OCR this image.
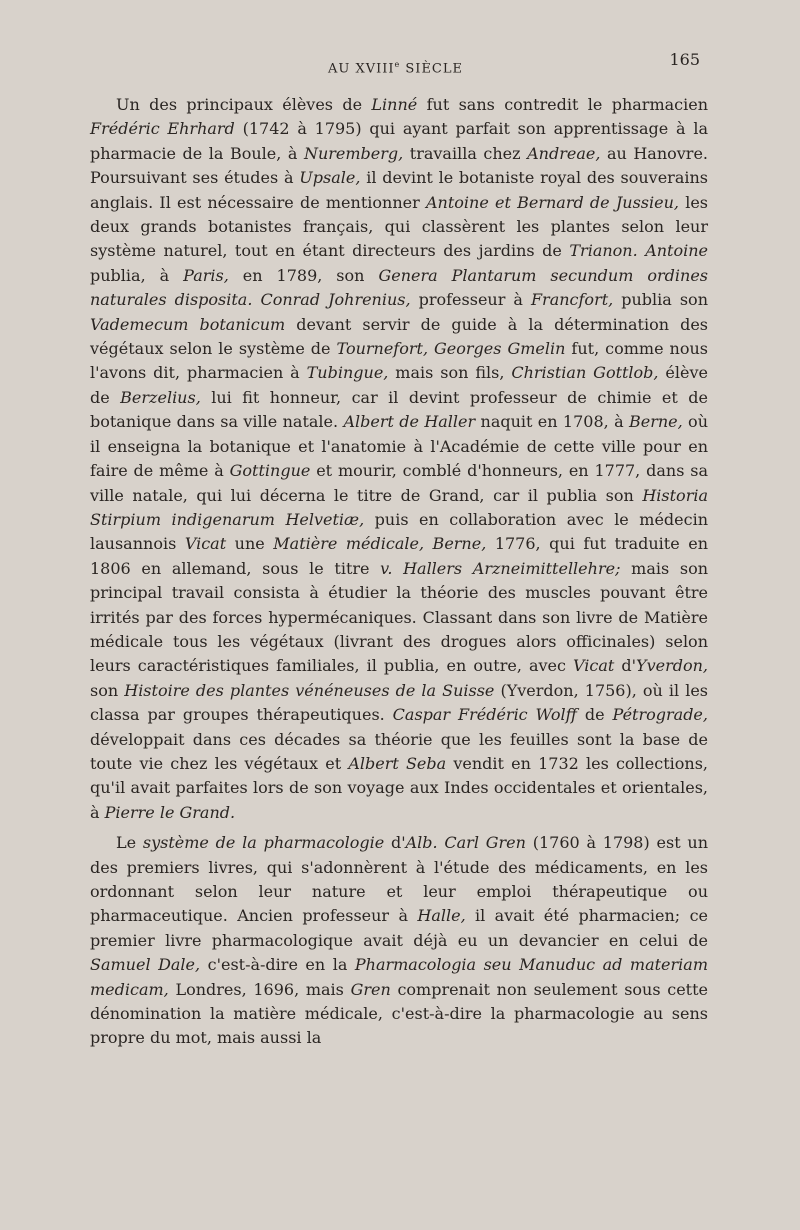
AU XVIIIe SIÈCLE	165

Un des principaux élèves de Linné fut sans contredit le pharmacien Frédéric Ehrhard (1742 à 1795) qui ayant parfait son apprentissage à la pharmacie de la Boule, à Nuremberg, travailla chez Andreae, au Hanovre. Poursuivant ses études à Upsale, il devint le botaniste royal des souverains anglais. Il est nécessaire de mentionner Antoine et Bernard de Jussieu, les deux grands botanistes français, qui classèrent les plantes selon leur système naturel, tout en étant directeurs des jardins de Trianon. Antoine publia, à Paris, en 1789, son Genera Plantarum secundum ordines naturales disposita. Conrad Johrenius, professeur à Francfort, publia son Vademecum botanicum devant servir de guide à la détermination des végétaux selon le système de Tournefort, Georges Gmelin fut, comme nous l'avons dit, pharmacien à Tubingue, mais son fils, Christian Gottlob, élève de Berzelius, lui fit honneur, car il devint professeur de chimie et de botanique dans sa ville natale. Albert de Haller naquit en 1708, à Berne, où il enseigna la botanique et l'anatomie à l'Académie de cette ville pour en faire de même à Gottingue et mourir, comblé d'honneurs, en 1777, dans sa ville natale, qui lui décerna le titre de Grand, car il publia son Historia Stirpium indigenarum Helvetiæ, puis en collaboration avec le médecin lausannois Vicat une Matière médicale, Berne, 1776, qui fut traduite en 1806 en allemand, sous le titre v. Hallers Arzneimittellehre; mais son principal travail consista à étudier la théorie des muscles pouvant être irrités par des forces hypermécaniques. Classant dans son livre de Matière médicale tous les végétaux (livrant des drogues alors officinales) selon leurs caractéristiques familiales, il publia, en outre, avec Vicat d'Yverdon, son Histoire des plantes vénéneuses de la Suisse (Yverdon, 1756), où il les classa par groupes thérapeutiques. Caspar Frédéric Wolff de Pétrograde, développait dans ces décades sa théorie que les feuilles sont la base de toute vie chez les végétaux et Albert Seba vendit en 1732 les collections, qu'il avait parfaites lors de son voyage aux Indes occidentales et orientales, à Pierre le Grand.

Le système de la pharmacologie d'Alb. Carl Gren (1760 à 1798) est un des premiers livres, qui s'adonnèrent à l'étude des médicaments, en les ordonnant selon leur nature et leur emploi thérapeutique ou pharmaceutique. Ancien professeur à Halle, il avait été pharmacien; ce premier livre pharmacologique avait déjà eu un devancier en celui de Samuel Dale, c'est-à-dire en la Pharmacologia seu Manuduc ad materiam medicam, Londres, 1696, mais Gren comprenait non seulement sous cette dénomination la matière médicale, c'est-à-dire la pharmacologie au sens propre du mot, mais aussi la
